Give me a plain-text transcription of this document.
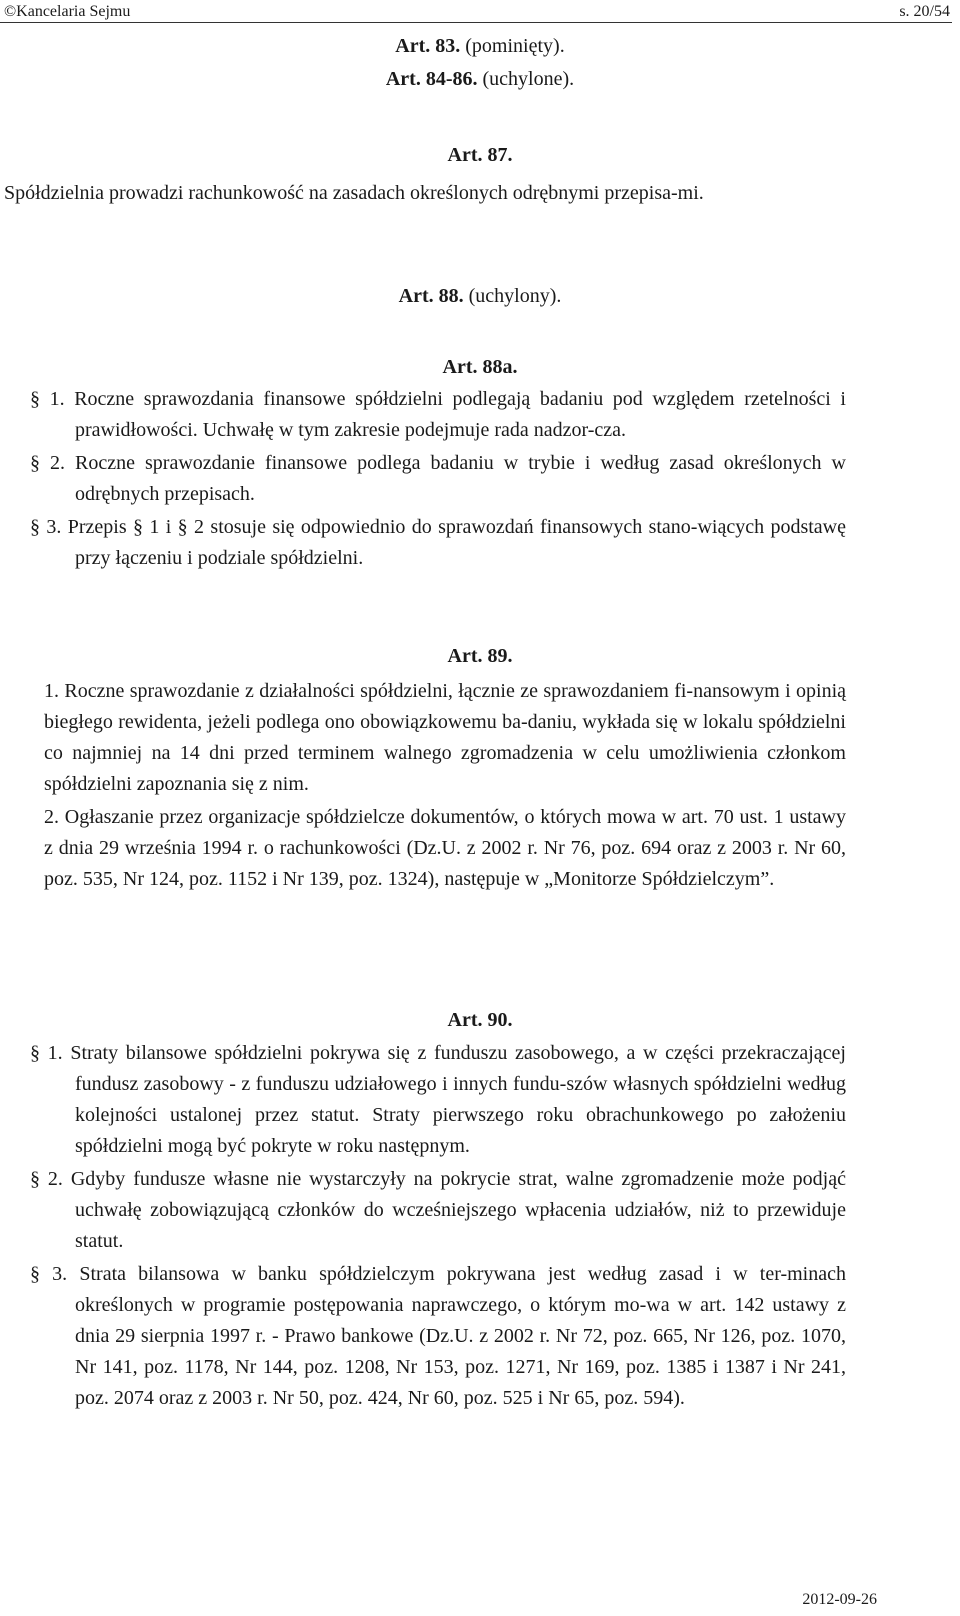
©Kancelaria Sejmu	s. 20/54
Art. 83. (pominięty).
Art. 84-86. (uchylone).
Art. 87.

Spółdzielnia prowadzi rachunkowość na zasadach określonych odrębnymi przepisa-mi.

Art. 88. (uchylony).
Art. 88a.

§ 1. Roczne sprawozdania finansowe spółdzielni podlegają badaniu pod względem rzetelności i prawidłowości. Uchwałę w tym zakresie podejmuje rada nadzor-cza.

§ 2. Roczne sprawozdanie finansowe podlega badaniu w trybie i według zasad określonych w odrębnych przepisach.

§ 3. Przepis § 1 i § 2 stosuje się odpowiednio do sprawozdań finansowych stano-wiących podstawę przy łączeniu i podziale spółdzielni.

Art. 89.

1. Roczne sprawozdanie z działalności spółdzielni, łącznie ze sprawozdaniem fi-nansowym i opinią biegłego rewidenta, jeżeli podlega ono obowiązkowemu ba-daniu, wykłada się w lokalu spółdzielni co najmniej na 14 dni przed terminem walnego zgromadzenia w celu umożliwienia członkom spółdzielni zapoznania się z nim.

2. Ogłaszanie przez organizacje spółdzielcze dokumentów, o których mowa w art. 70 ust. 1 ustawy z dnia 29 września 1994 r. o rachunkowości (Dz.U. z 2002 r. Nr 76, poz. 694 oraz z 2003 r. Nr 60, poz. 535, Nr 124, poz. 1152 i Nr 139, poz. 1324), następuje w „Monitorze Spółdzielczym”.

Art. 90.

§ 1. Straty bilansowe spółdzielni pokrywa się z funduszu zasobowego, a w części przekraczającej fundusz zasobowy - z funduszu udziałowego i innych fundu-szów własnych spółdzielni według kolejności ustalonej przez statut. Straty pierwszego roku obrachunkowego po założeniu spółdzielni mogą być pokryte w roku następnym.

§ 2. Gdyby fundusze własne nie wystarczyły na pokrycie strat, walne zgromadzenie może podjąć uchwałę zobowiązującą członków do wcześniejszego wpłacenia udziałów, niż to przewiduje statut.

§ 3. Strata bilansowa w banku spółdzielczym pokrywana jest według zasad i w ter-minach określonych w programie postępowania naprawczego, o którym mo-wa w art. 142 ustawy z dnia 29 sierpnia 1997 r. - Prawo bankowe (Dz.U. z 2002 r. Nr 72, poz. 665, Nr 126, poz. 1070, Nr 141, poz. 1178, Nr 144, poz. 1208, Nr 153, poz. 1271, Nr 169, poz. 1385 i 1387 i Nr 241, poz. 2074 oraz z 2003 r. Nr 50, poz. 424, Nr 60, poz. 525 i Nr 65, poz. 594).

2012-09-26
